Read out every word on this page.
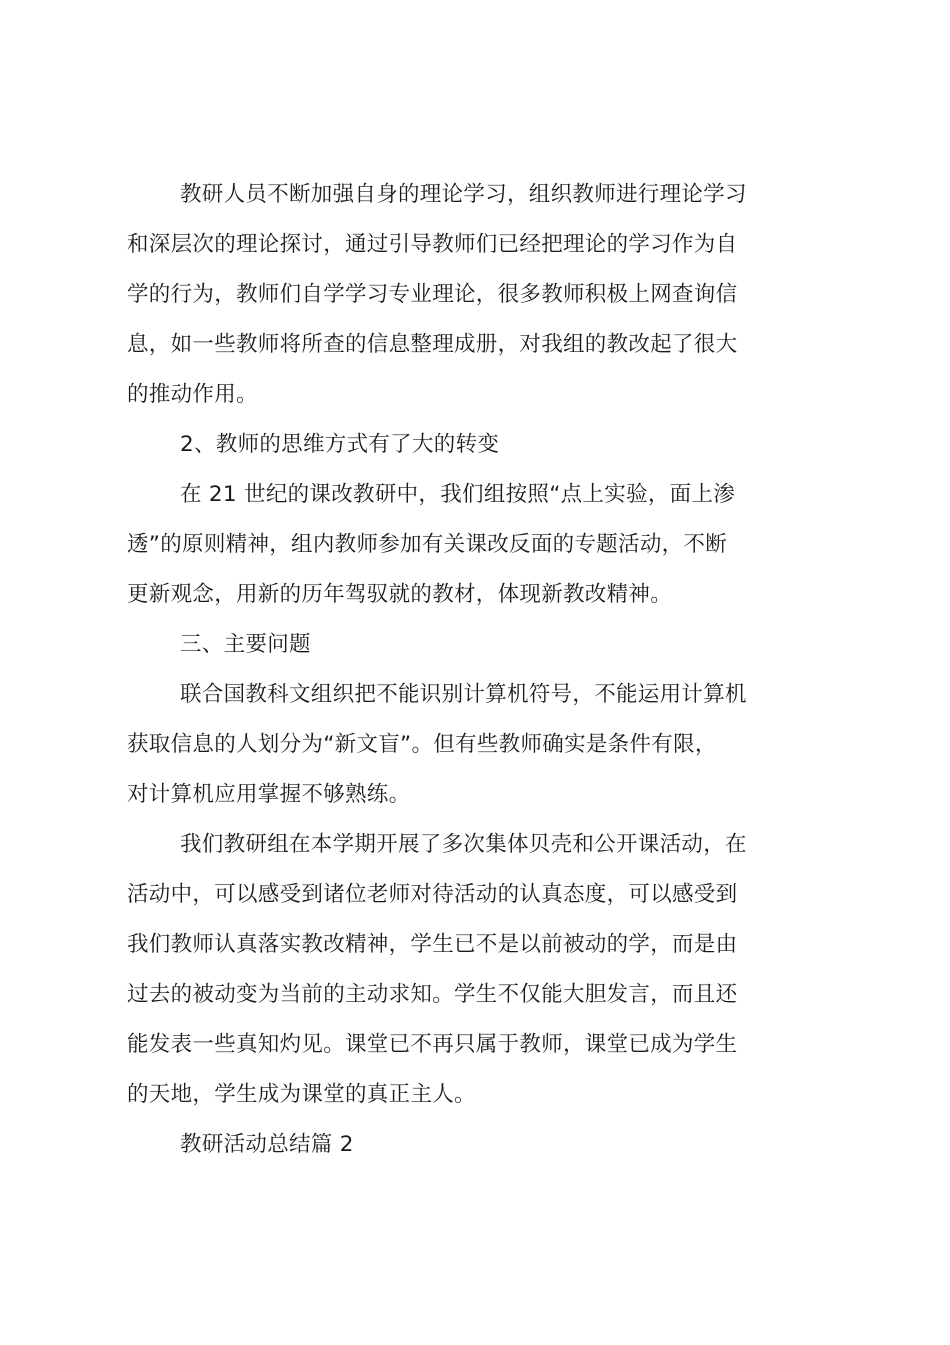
教研人员不断加强自身的理论学习，组织教师进行理论学习
和深层次的理论探讨，通过引导教师们已经把理论的学习作为自
学的行为，教师们自学学习专业理论，很多教师积极上网查询信
息，如一些教师将所查的信息整理成册，对我组的教改起了很大
的推动作用。
2、教师的思维方式有了大的转变
在 21 世纪的课改教研中，我们组按照“点上实验，面上渗
透”的原则精神，组内教师参加有关课改反面的专题活动，不断
更新观念，用新的历年驾驭就的教材，体现新教改精神。
三、主要问题
联合国教科文组织把不能识别计算机符号，不能运用计算机
获取信息的人划分为“新文盲”。但有些教师确实是条件有限，
对计算机应用掌握不够熟练。
我们教研组在本学期开展了多次集体贝壳和公开课活动，在
活动中，可以感受到诸位老师对待活动的认真态度，可以感受到
我们教师认真落实教改精神，学生已不是以前被动的学，而是由
过去的被动变为当前的主动求知。学生不仅能大胆发言，而且还
能发表一些真知灼见。课堂已不再只属于教师，课堂已成为学生
的天地，学生成为课堂的真正主人。
教研活动总结篇 2
